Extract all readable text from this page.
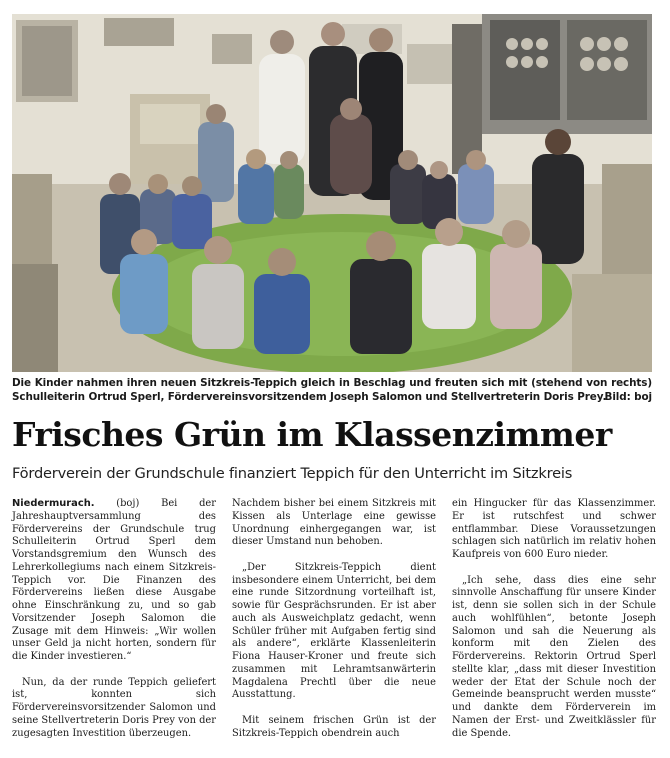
Die Kinder nahmen ihren neuen Sitzkreis-Teppich gleich in Beschlag und freuten sich mit (stehend von rechts)
Schulleiterin Ortrud Sperl, Fördervereinsvorsitzendem Joseph Salomon und Stellvertreterin Doris Prey.
Bild: boj
Frisches Grün im Klassenzimmer
Förderverein der Grundschule finanziert Teppich für den Unterricht im Sitzkreis

Niedermurach. (boj) Bei der Jahreshauptversammlung des Fördervereins der Grundschule trug Schulleiterin Ortrud Sperl dem Vorstandsgremium den Wunsch des Lehrerkollegiums nach einem Sitzkreis-Teppich vor. Die Finanzen des Fördervereins ließen diese Ausgabe ohne Einschränkung zu, und so gab Vorsitzender Joseph Salomon die Zusage mit dem Hinweis: „Wir wollen unser Geld ja nicht horten, sondern für die Kinder investieren.“

Nun, da der runde Teppich geliefert ist, konnten sich Fördervereinsvorsitzender Salomon und seine Stellvertreterin Doris Prey von der zugesagten Investition überzeugen.

Nachdem bisher bei einem Sitzkreis mit Kissen als Unterlage eine gewisse Unordnung einhergegangen war, ist dieser Umstand nun behoben.

„Der Sitzkreis-Teppich dient insbesondere einem Unterricht, bei dem eine runde Sitzordnung vorteilhaft ist, sowie für Gesprächsrunden. Er ist aber auch als Ausweichplatz gedacht, wenn Schüler früher mit Aufgaben fertig sind als andere“, erklärte Klassenleiterin Fiona Hauser-Kroner und freute sich zusammen mit Lehramtsanwärterin Magdalena Prechtl über die neue Ausstattung.

Mit seinem frischen Grün ist der Sitzkreis-Teppich obendrein auch

ein Hingucker für das Klassenzimmer. Er ist rutschfest und schwer entflammbar. Diese Voraussetzungen schlagen sich natürlich im relativ hohen Kaufpreis von 600 Euro nieder.

„Ich sehe, dass dies eine sehr sinnvolle Anschaffung für unsere Kinder ist, denn sie sollen sich in der Schule auch wohlfühlen“, betonte Joseph Salomon und sah die Neuerung als konform mit den Zielen des Fördervereins. Rektorin Ortrud Sperl stellte klar, „dass mit dieser Investition weder der Etat der Schule noch der Gemeinde beansprucht werden musste“ und dankte dem Förderverein im Namen der Erst- und Zweitklässler für die Spende.
